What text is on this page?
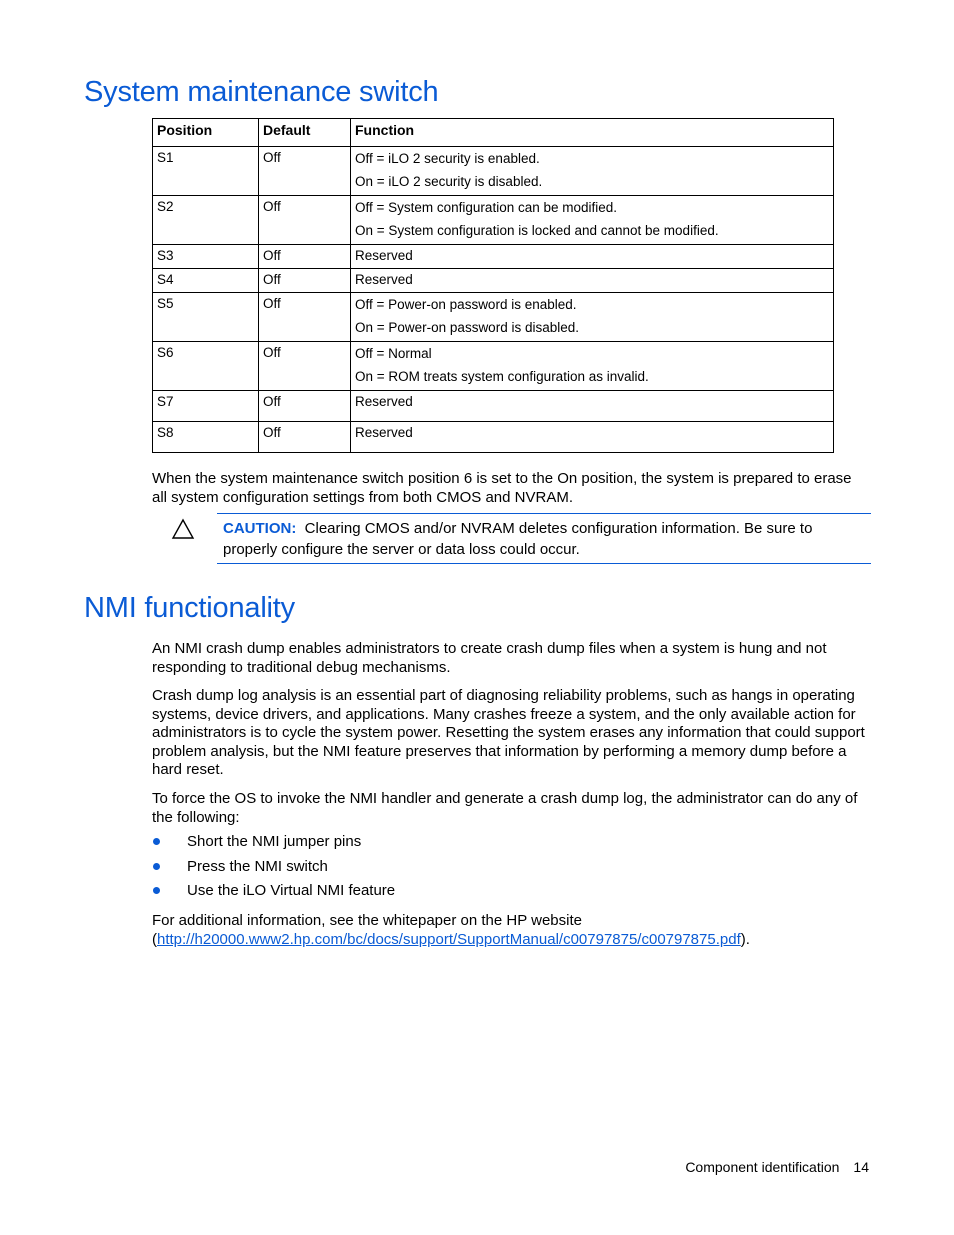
System maintenance switch
Position	Default	Function
S1	Off	Off = iLO 2 security is enabled.
On = iLO 2 security is disabled.

S2	Off	Off = System configuration can be modified.
On = System configuration is locked and cannot be modified.

S3	Off	Reserved
S4	Off	Reserved
S5	Off	Off = Power-on password is enabled.
On = Power-on password is disabled.

S6	Off	Off = Normal
On = ROM treats system configuration as invalid.

S7	Off	Reserved
S8	Off	Reserved

When the system maintenance switch position 6 is set to the On position, the system is prepared to erase all system configuration settings from both CMOS and NVRAM.

CAUTION: Clearing CMOS and/or NVRAM deletes configuration information. Be sure to properly configure the server or data loss could occur.
NMI functionality

An NMI crash dump enables administrators to create crash dump files when a system is hung and not responding to traditional debug mechanisms.

Crash dump log analysis is an essential part of diagnosing reliability problems, such as hangs in operating systems, device drivers, and applications. Many crashes freeze a system, and the only available action for administrators is to cycle the system power. Resetting the system erases any information that could support problem analysis, but the NMI feature preserves that information by performing a memory dump before a hard reset.

To force the OS to invoke the NMI handler and generate a crash dump log, the administrator can do any of the following:

Short the NMI jumper pins
Press the NMI switch
Use the iLO Virtual NMI feature

For additional information, see the whitepaper on the HP website
(http://h20000.www2.hp.com/bc/docs/support/SupportManual/c00797875/c00797875.pdf).

Component identification 14
